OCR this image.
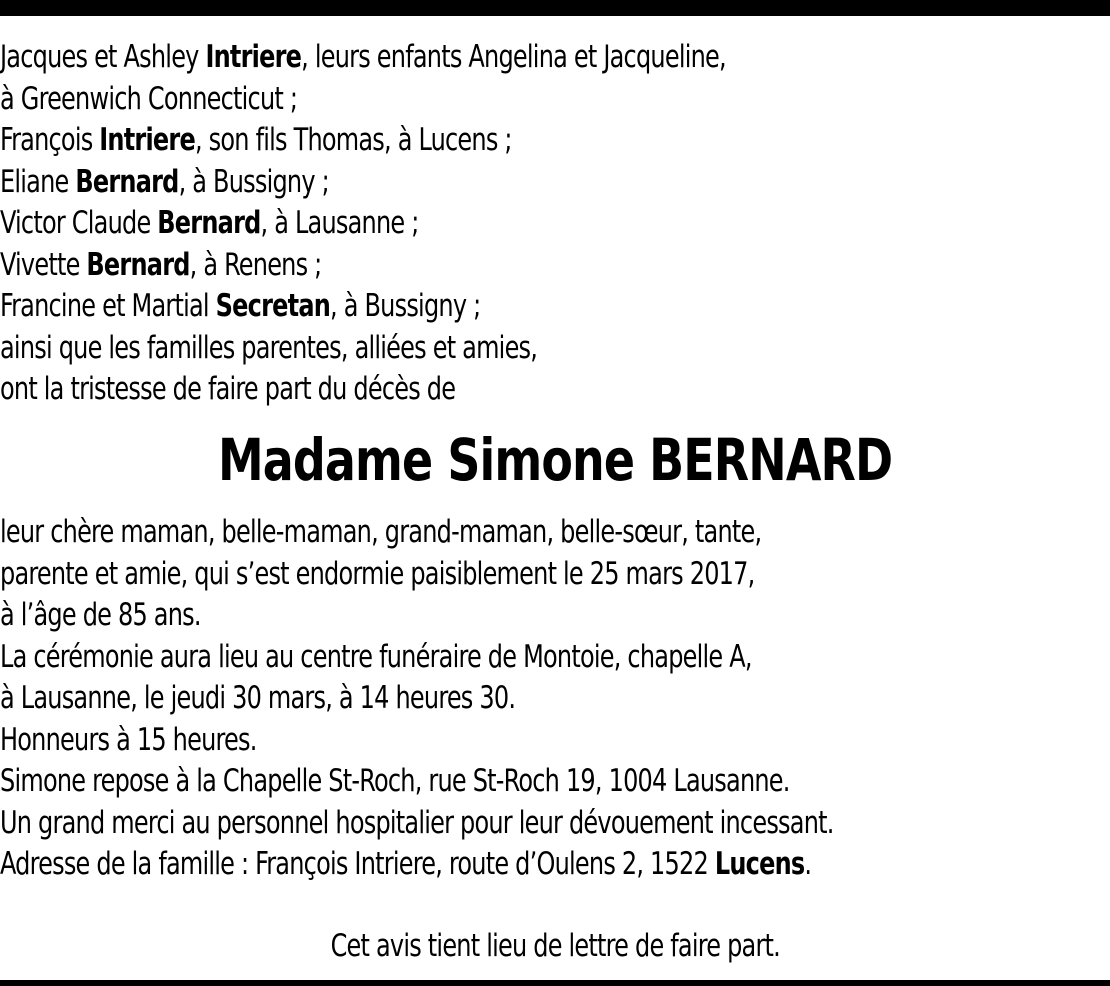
Jacques et Ashley Intriere, leurs enfants Angelina et Jacqueline,
à Greenwich Connecticut ;
François Intriere, son fils Thomas, à Lucens ;
Eliane Bernard, à Bussigny ;
Victor Claude Bernard, à Lausanne ;
Vivette Bernard, à Renens ;
Francine et Martial Secretan, à Bussigny ;
ainsi que les familles parentes, alliées et amies,
ont la tristesse de faire part du décès de
Madame Simone BERNARD
leur chère maman, belle-maman, grand-maman, belle-sœur, tante,
parente et amie, qui s’est endormie paisiblement le 25 mars 2017,
à l’âge de 85 ans.
La cérémonie aura lieu au centre funéraire de Montoie, chapelle A,
à Lausanne, le jeudi 30 mars, à 14 heures 30.
Honneurs à 15 heures.
Simone repose à la Chapelle St-Roch, rue St-Roch 19, 1004 Lausanne.
Un grand merci au personnel hospitalier pour leur dévouement incessant.
Adresse de la famille : François Intriere, route d’Oulens 2, 1522 Lucens.
Cet avis tient lieu de lettre de faire part.
